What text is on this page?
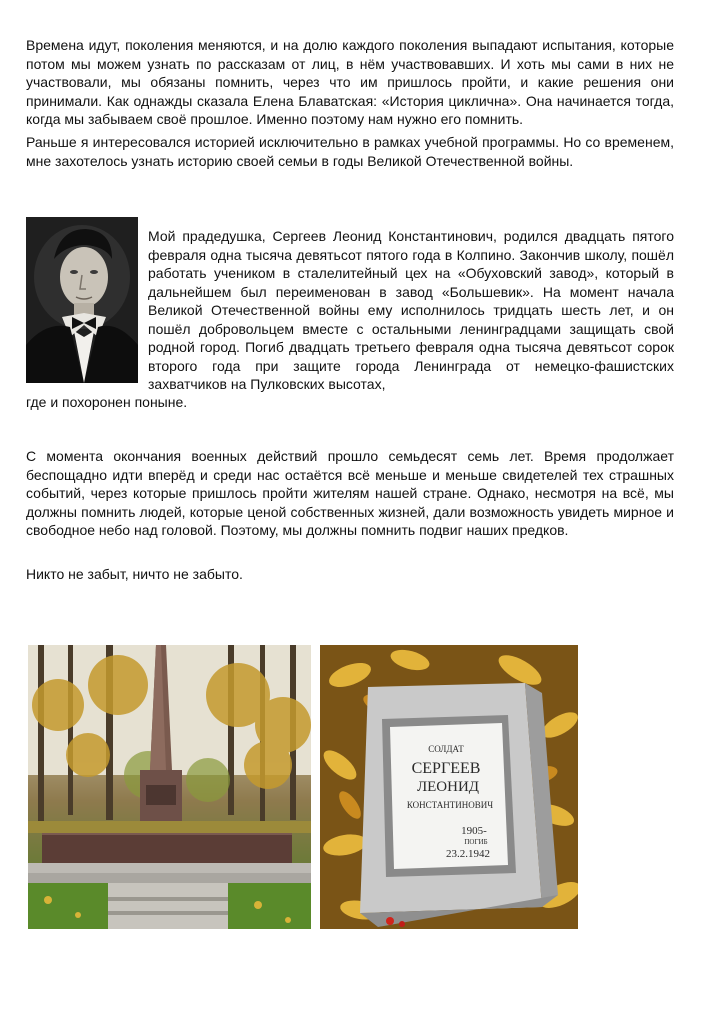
Времена идут, поколения меняются, и на долю каждого поколения выпадают испытания, которые потом мы можем узнать по рассказам от лиц, в нём участвовавших. И хоть мы сами в них не участвовали, мы обязаны помнить, через что им пришлось пройти, и какие решения они принимали. Как однажды сказала Елена Блаватская: «История циклична». Она начинается тогда, когда мы забываем своё прошлое. Именно поэтому нам нужно его помнить.

Раньше я интересовался историей исключительно в рамках учебной программы. Но со временем, мне захотелось узнать историю своей семьи в годы Великой Отечественной войны.

Мой прадедушка, Сергеев Леонид Константинович, родился двадцать пятого февраля одна тысяча девятьсот пятого года в Колпино. Закончив школу, пошёл работать учеником в сталелитейный цех на «Обуховский завод», который в дальнейшем был переименован в завод «Большевик». На момент начала Великой Отечественной войны ему исполнилось тридцать шесть лет, и он пошёл добровольцем вместе с остальными ленинградцами защищать свой родной город. Погиб двадцать третьего февраля одна тысяча девятьсот сорок второго года при защите города Ленинграда от немецко-фашистских захватчиков на Пулковских высотах,

где и похоронен поныне.

С момента окончания военных действий прошло семьдесят семь лет. Время продолжает беспощадно идти вперёд и среди нас остаётся всё меньше и меньше свидетелей тех страшных событий, через которые пришлось пройти жителям нашей стране. Однако, несмотря на всё, мы должны помнить людей, которые ценой собственных жизней, дали возможность увидеть мирное и свободное небо над головой. Поэтому, мы должны помнить подвиг наших предков.

Никто не забыт, ничто не забыто.

СОЛДАТ
СЕРГЕЕВ
ЛЕОНИД
КОНСТАНТИНОВИЧ
1905-
ПОГИБ
23.2.1942
